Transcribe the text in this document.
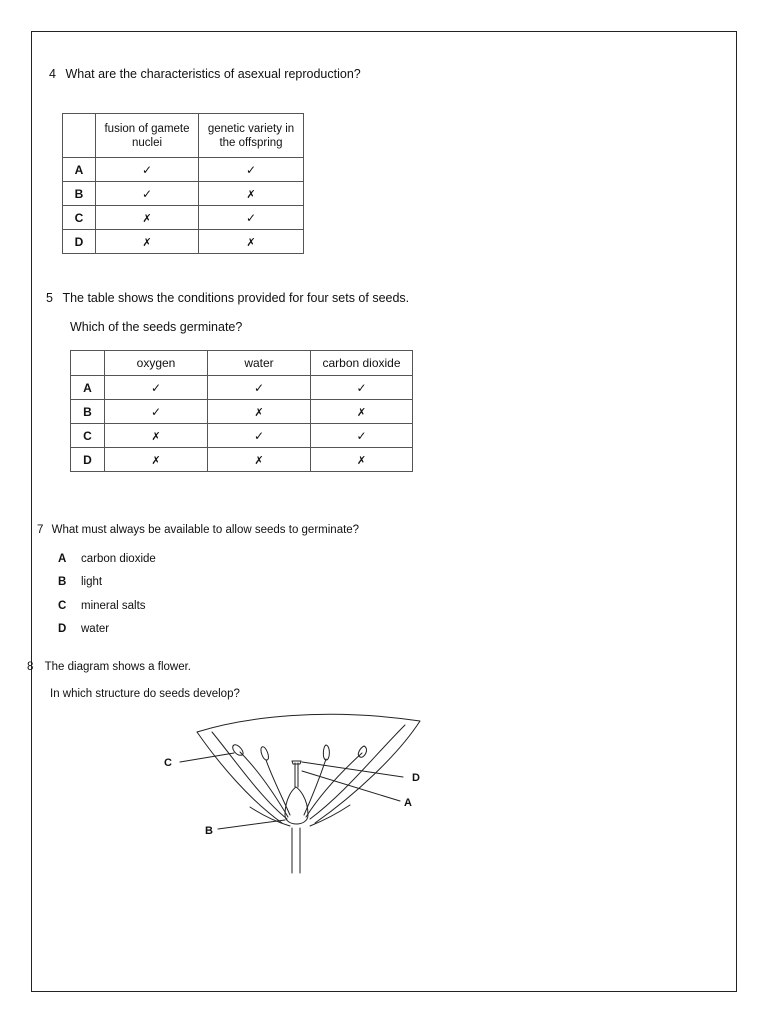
4 What are the characteristics of asexual reproduction?
	fusion of gamete nuclei	genetic variety in the offspring
A	✓	✓
B	✓	✗
C	✗	✓
D	✗	✗
5 The table shows the conditions provided for four sets of seeds.
Which of the seeds germinate?
	oxygen	water	carbon dioxide
A	✓	✓	✓
B	✓	✗	✗
C	✗	✓	✓
D	✗	✗	✗
7 What must always be available to allow seeds to germinate?
A carbon dioxide
B light
C mineral salts
D water
8 The diagram shows a flower.
In which structure do seeds develop?
C
D
A
B
